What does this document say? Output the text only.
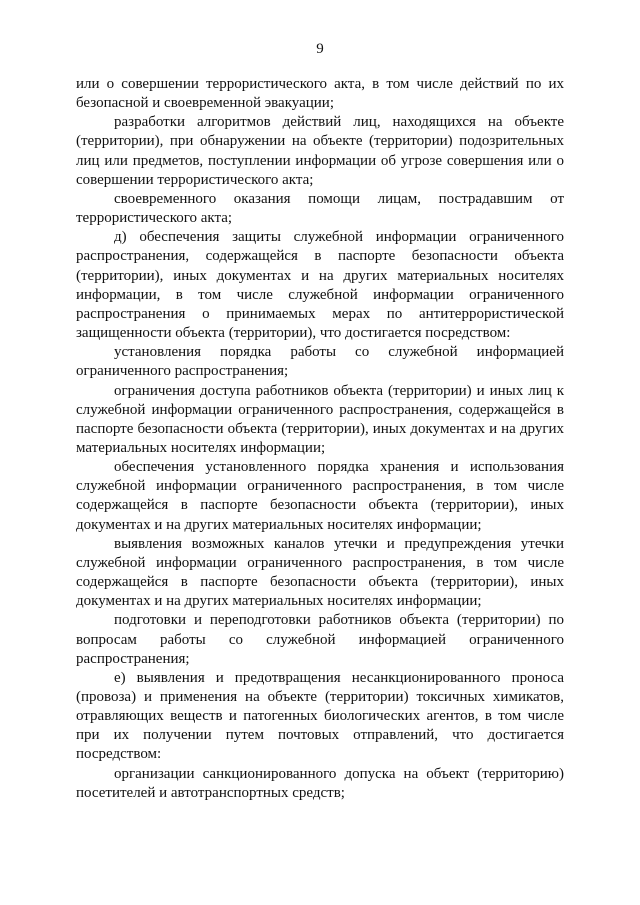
9

или о совершении террористического акта, в том числе действий по их безопасной и своевременной эвакуации;

разработки алгоритмов действий лиц, находящихся на объекте (территории), при обнаружении на объекте (территории) подозрительных лиц или предметов, поступлении информации об угрозе совершения или о совершении террористического акта;

своевременного оказания помощи лицам, пострадавшим от террористического акта;

д) обеспечения защиты служебной информации ограниченного распространения, содержащейся в паспорте безопасности объекта (территории), иных документах и на других материальных носителях информации, в том числе служебной информации ограниченного распространения о принимаемых мерах по антитеррористической защищенности объекта (территории), что достигается посредством:

установления порядка работы со служебной информацией ограниченного распространения;

ограничения доступа работников объекта (территории) и иных лиц к служебной информации ограниченного распространения, содержащейся в паспорте безопасности объекта (территории), иных документах и на других материальных носителях информации;

обеспечения установленного порядка хранения и использования служебной информации ограниченного распространения, в том числе содержащейся в паспорте безопасности объекта (территории), иных документах и на других материальных носителях информации;

выявления возможных каналов утечки и предупреждения утечки служебной информации ограниченного распространения, в том числе содержащейся в паспорте безопасности объекта (территории), иных документах и на других материальных носителях информации;

подготовки и переподготовки работников объекта (территории) по вопросам работы со служебной информацией ограниченного распространения;

е) выявления и предотвращения несанкционированного проноса (провоза) и применения на объекте (территории) токсичных химикатов, отравляющих веществ и патогенных биологических агентов, в том числе при их получении путем почтовых отправлений, что достигается посредством:

организации санкционированного допуска на объект (территорию) посетителей и автотранспортных средств;
